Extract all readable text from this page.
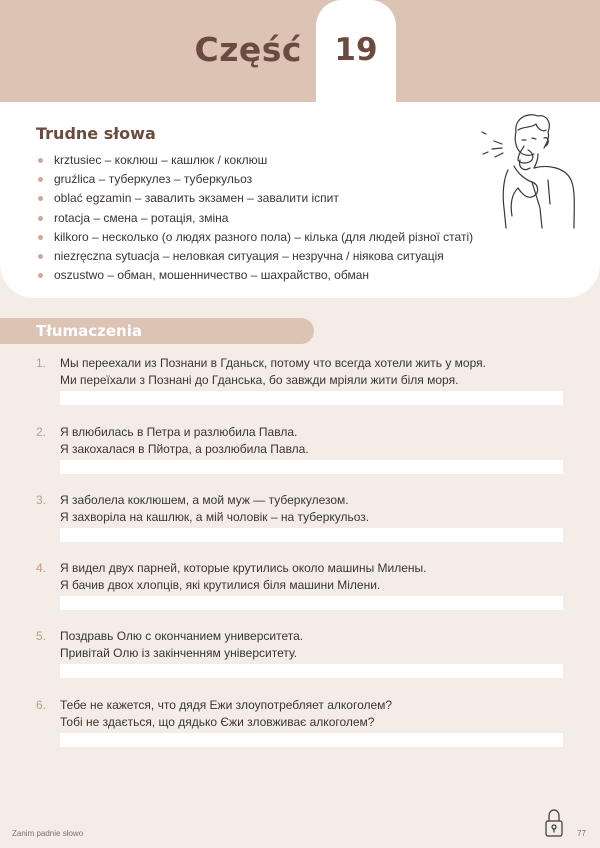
Część	19
Trudne słowa
krztusiec – коклюш – кашлюк / коклюш
gruźlica – туберкулез – туберкульоз
oblać egzamin – завалить экзамен – завалити іспит
rotacja – смена – ротація, зміна
kilkoro – несколько (о людях разного пола) – кілька (для людей різної статі)
niezręczna sytuacja – неловкая ситуация – незручна / ніякова ситуація
oszustwo – обман, мошенничество – шахрайство, обман
Tłumaczenia
1. Мы переехали из Познани в Гданьск, потому что всегда хотели жить у моря.
Ми переїхали з Познані до Гданська, бо завжди мріяли жити біля моря.
2. Я влюбилась в Петра и разлюбила Павла.
Я закохалася в Пйотра, а розлюбила Павла.
3. Я заболела коклюшем, а мой муж — туберкулезом.
Я захворіла на кашлюк, а мій чоловік – на туберкульоз.
4. Я видел двух парней, которые крутились около машины Милены.
Я бачив двох хлопців, які крутилися біля машини Мілени.
5. Поздравь Олю с окончанием университета.
Привітай Олю із закінченням університету.
6. Тебе не кажется, что дядя Ежи злоупотребляет алкоголем?
Тобі не здається, що дядько Єжи зловживає алкоголем?
Zanim padnie słowo	77
